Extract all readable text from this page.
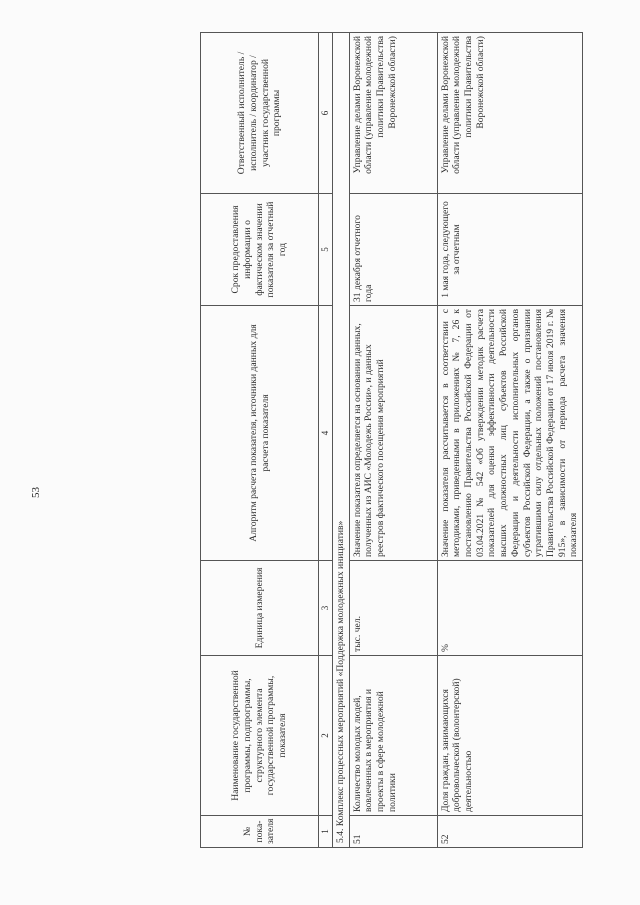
53
№ пока-зателя	Наименование государственной программы, подпрограммы, структурного элемента государственной программы, показателя	Единица измерения	Алгоритм расчета показателя, источники данных для расчета показателя	Срок предоставления информации о фактическом значении показателя за отчетный год	Ответственный исполнитель / исполнитель / координатор / участник государственной программы
1	2	3	4	5	6
5.4. Комплекс процессных мероприятий «Поддержка молодежных инициатив»					
51	Количество молодых людей, вовлеченных в мероприятия и проекты в сфере молодежной политики	тыс. чел.	Значение показателя определяется на основании данных, полученных из АИС «Молодежь России», и данных реестров фактического посещения мероприятий	31 декабря отчетного года	Управление делами Воронежской области (управление молодежной политики Правительства Воронежской области)
52	Доля граждан, занимающихся добровольческой (волонтерской) деятельностью	%	Значение показателя рассчитывается в соответствии с методиками, приведенными в приложениях № 7, 26 к постановлению Правительства Российской Федерации от 03.04.2021 № 542 «Об утверждении методик расчета показателей для оценки эффективности деятельности высших должностных лиц субъектов Российской Федерации и деятельности исполнительных органов субъектов Российской Федерации, а также о признании утратившими силу отдельных положений постановления Правительства Российской Федерации от 17 июля 2019 г. № 915», в зависимости от периода расчета значения показателя	1 мая года, следующего за отчетным	Управление делами Воронежской области (управление молодежной политики Правительства Воронежской области)
